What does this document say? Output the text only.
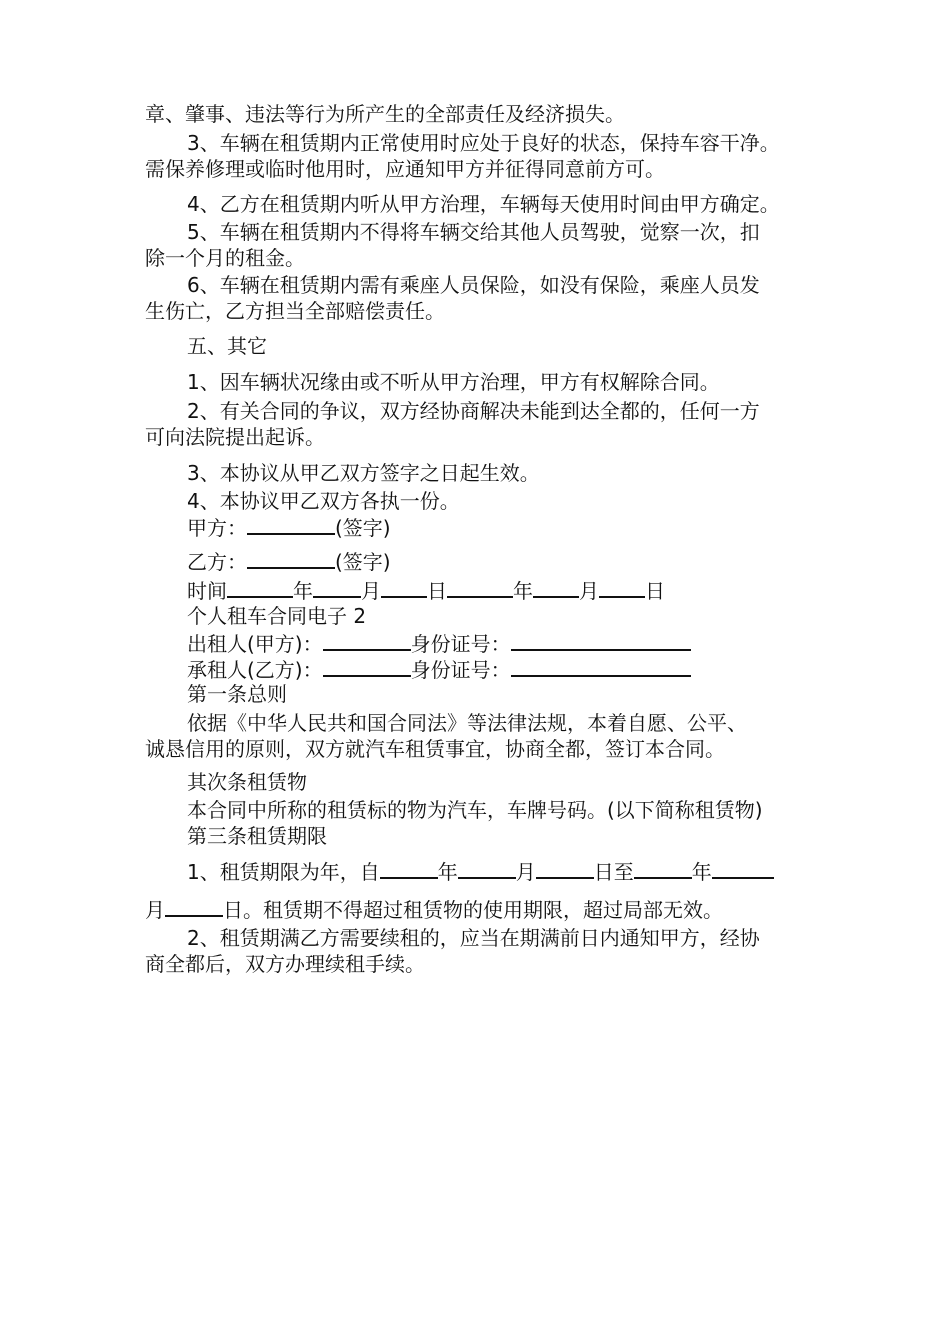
章、肇事、违法等行为所产生的全部责任及经济损失。
3、车辆在租赁期内正常使用时应处于良好的状态，保持车容干净。
需保养修理或临时他用时，应通知甲方并征得同意前方可。
4、乙方在租赁期内听从甲方治理，车辆每天使用时间由甲方确定。
5、车辆在租赁期内不得将车辆交给其他人员驾驶，觉察一次，扣
除一个月的租金。
6、车辆在租赁期内需有乘座人员保险，如没有保险，乘座人员发
生伤亡，乙方担当全部赔偿责任。
五、其它
1、因车辆状况缘由或不听从甲方治理，甲方有权解除合同。
2、有关合同的争议，双方经协商解决未能到达全都的，任何一方
可向法院提出起诉。
3、本协议从甲乙双方签字之日起生效。
4、本协议甲乙双方各执一份。
甲方：	(签字)
乙方：	(签字)
时间	年 月 日	年 月 日
个人租车合同电子 2
出租人(甲方)：	身份证号：
承租人(乙方)：	身份证号：
第一条总则
依据《中华人民共和国合同法》等法律法规，本着自愿、公平、
诚恳信用的原则，双方就汽车租赁事宜，协商全都，签订本合同。
其次条租赁物
本合同中所称的租赁标的物为汽车，车牌号码。(以下简称租赁物)
第三条租赁期限
1、租赁期限为年，自	年	月	日至	年
月	日。租赁期不得超过租赁物的使用期限，超过局部无效。
2、租赁期满乙方需要续租的，应当在期满前日内通知甲方，经协
商全都后，双方办理续租手续。
